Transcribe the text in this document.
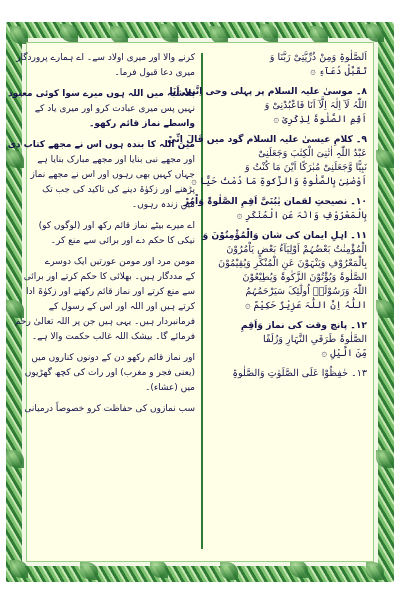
اَلصَّلٰوۃِ وَمِنْ ذُرِّیَّتِیْ رَبَّنَا وَ

تَقَبَّلْ دُعَآءِ ۞

۸۔ موسیٰ علیہ السلام پر پہلی وحی اِنَّنِیْ اَنَا

اللّٰہُ لَآ اِلٰہَ اِلَّآ اَنَا فَاعْبُدْنِیْ وَ

اَقِمِ الصَّلٰوۃَ لِذِکْرِیْ ۞

۹۔ کلامِ عیسیٰ علیہ السلام گود میں قَالَ اِنِّیْ

عَبْدُ اللّٰہِ اٰتٰنِیَ الْکِتٰبَ وَجَعَلَنِیْ

نَبِیًّا وَّجَعَلَنِیْ مُبٰرَکًا اَیْنَ مَا کُنْتُ وَ

اَوْصٰنِیْ بِالصَّلٰوۃِ وَالزَّکٰوۃِ مَا دُمْتُ حَیًّا ۞

۱۰۔ نصیحتِ لقمان یٰبُنَیَّ اَقِمِ الصَّلٰوۃَ وَاْمُرْ

بِالْمَعْرُوْفِ وَانْہَ عَنِ الْمُنْکَرِ ۞

۱۱۔ اہلِ ایمان کی شان وَالْمُؤْمِنُوْنَ وَ

الْمُؤْمِنٰتُ بَعْضُہُمْ اَوْلِیَآءُ بَعْضٍ یَاْمُرُوْنَ

بِالْمَعْرُوْفِ وَیَنْہَوْنَ عَنِ الْمُنْکَرِ وَیُقِیْمُوْنَ

الصَّلٰوۃَ وَیُؤْتُوْنَ الزَّکٰوۃَ وَیُطِیْعُوْنَ

اللّٰہَ وَرَسُوْلَہٗ اُولٰٓئِکَ سَیَرْحَمُہُمُ

اللّٰہُ اِنَّ اللّٰہَ عَزِیْزٌ حَکِیْمٌ ۞

۱۲۔ پانچ وقت کی نماز وَاَقِمِ

الصَّلٰوۃَ طَرَفَیِ النَّہَارِ وَزُلَفًا

مِّنَ الَّیْلِ ۞

۱۳۔ حٰفِظُوْا عَلَی الصَّلَوٰتِ وَالصَّلٰوۃِ

کرنے والا اور میری اولاد سے۔ اے ہمارے پروردگار

میری دعا قبول فرما۔

بلاشبہ میں اللہ ہوں میرے سوا کوئی معبود

نہیں پس میری عبادت کرو اور میری یاد کے

واسطے نماز قائم رکھو۔

میں اللہ کا بندہ ہوں اس نے مجھے کتاب دی

اور مجھے نبی بنایا اور مجھے مبارک بنایا ہے

جہاں کہیں بھی رہوں اور اس نے مجھے نماز

پڑھنے اور زکوٰۃ دینے کی تاکید کی جب تک

میں زندہ رہوں۔

اے میرے بیٹے نماز قائم رکھ اور (لوگوں کو)

نیکی کا حکم دے اور برائی سے منع کر۔

مومن مرد اور مومن عورتیں ایک دوسرے

کے مددگار ہیں۔ بھلائی کا حکم کرتے اور برائی

سے منع کرتے اور نماز قائم رکھتے اور زکوٰۃ ادا

کرتے ہیں اور اللہ اور اس کے رسول کے

فرمانبردار ہیں۔ یہی ہیں جن پر اللہ تعالیٰ رحم

فرمائے گا۔ بیشک اللہ غالب حکمت والا ہے۔

اور نماز قائم رکھو دن کے دونوں کناروں میں

(یعنی فجر و مغرب) اور رات کی کچھ گھڑیوں

میں (عشاء)۔

سب نمازوں کی حفاظت کرو خصوصاً درمیانی
